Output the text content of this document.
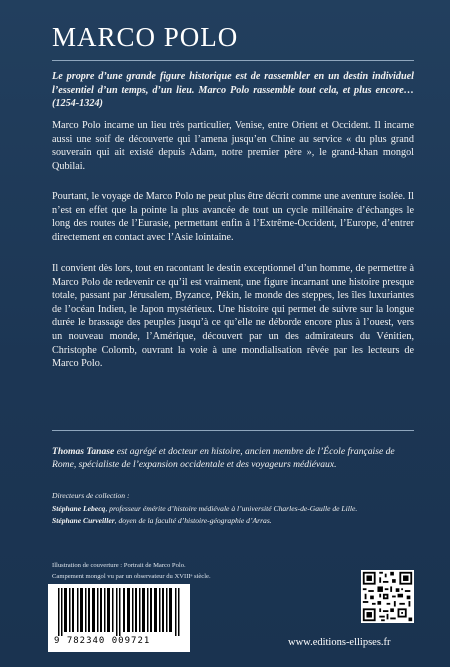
MARCO POLO

Le propre d’une grande figure historique est de rassembler en un destin individuel l’essentiel d’un temps, d’un lieu. Marco Polo rassemble tout cela, et plus encore… (1254-1324)

Marco Polo incarne un lieu très particulier, Venise, entre Orient et Occident. Il incarne aussi une soif de découverte qui l’amena jusqu’en Chine au service « du plus grand souverain qui ait existé depuis Adam, notre premier père », le grand-khan mongol Qubilai.

Pourtant, le voyage de Marco Polo ne peut plus être décrit comme une aventure isolée. Il n’est en effet que la pointe la plus avancée de tout un cycle millénaire d’échanges le long des routes de l’Eurasie, permettant enfin à l’Extrême-Occident, l’Europe, d’entrer directement en contact avec l’Asie lointaine.

Il convient dès lors, tout en racontant le destin exceptionnel d’un homme, de permettre à Marco Polo de redevenir ce qu’il est vraiment, une figure incarnant une histoire presque totale, passant par Jérusalem, Byzance, Pékin, le monde des steppes, les îles luxuriantes de l’océan Indien, le Japon mystérieux. Une histoire qui permet de suivre sur la longue durée le brassage des peuples jusqu’à ce qu’elle ne déborde encore plus à l’ouest, vers un nouveau monde, l’Amérique, découvert par un des admirateurs du Vénitien, Christophe Colomb, ouvrant la voie à une mondialisation rêvée par les lecteurs de Marco Polo.

Thomas Tanase est agrégé et docteur en histoire, ancien membre de l’École française de Rome, spécialiste de l’expansion occidentale et des voyageurs médiévaux.

Directeurs de collection :
Stéphane Lebecq, professeur émérite d’histoire médiévale à l’université Charles-de-Gaulle de Lille.
Stéphane Curveiller, doyen de la faculté d’histoire-géographie d’Arras.
Illustration de couverture : Portrait de Marco Polo.
Campement mongol vu par un observateur du XVIIIᵉ siècle.
9 782340 009721	www.editions-ellipses.fr
